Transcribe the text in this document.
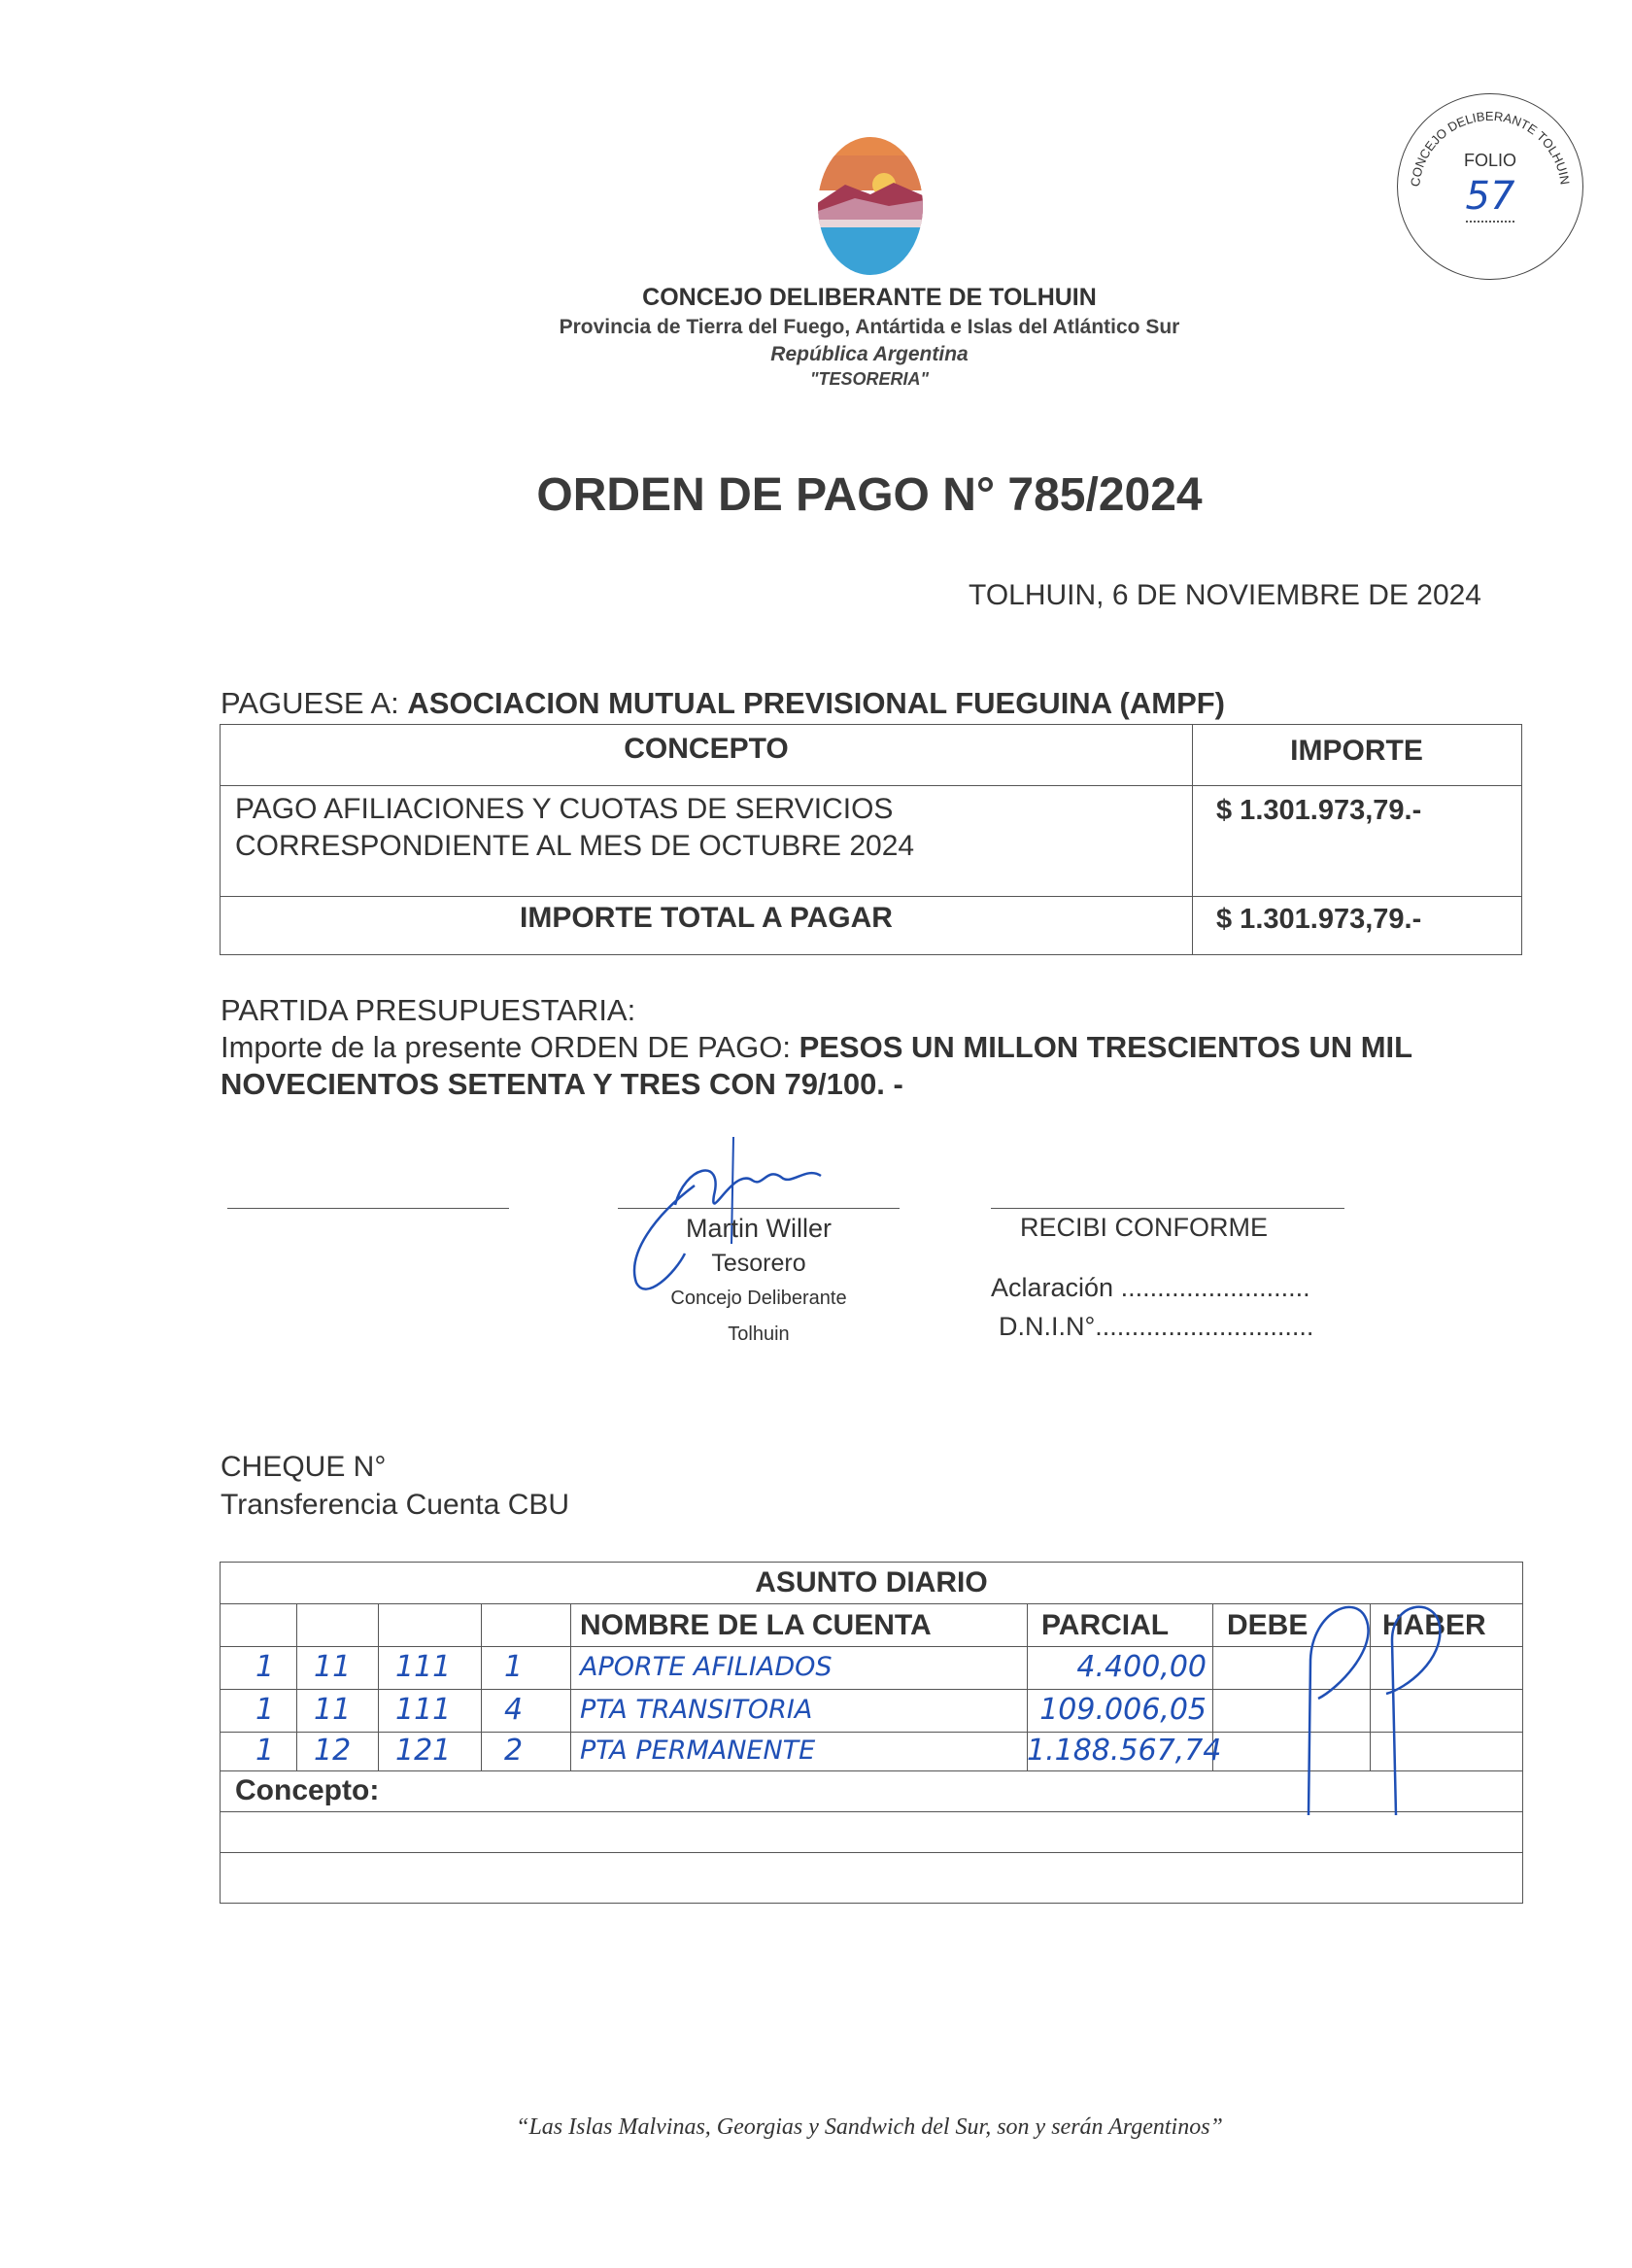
CONCEJO DELIBERANTE TOLHUIN
FOLIO
57
CONCEJO DELIBERANTE DE TOLHUIN
Provincia de Tierra del Fuego, Antártida e Islas del Atlántico Sur
República Argentina
"TESORERIA"
ORDEN DE PAGO N° 785/2024
TOLHUIN, 6 DE NOVIEMBRE DE 2024
PAGUESE A: ASOCIACION MUTUAL PREVISIONAL FUEGUINA (AMPF)
CONCEPTO	IMPORTE
PAGO AFILIACIONES Y CUOTAS DE SERVICIOS
CORRESPONDIENTE AL MES DE OCTUBRE 2024
$ 1.301.973,79.-
IMPORTE TOTAL A PAGAR	$ 1.301.973,79.-
PARTIDA PRESUPUESTARIA:
Importe de la presente ORDEN DE PAGO: PESOS UN MILLON TRESCIENTOS UN MIL NOVECIENTOS SETENTA Y TRES CON 79/100. -
Martin Willer
Tesorero
Concejo Deliberante
Tolhuin
RECIBI CONFORME
Aclaración ..........................
D.N.I.N°..............................
CHEQUE N°
Transferencia Cuenta CBU
ASUNTO DIARIO
NOMBRE DE LA CUENTA	PARCIAL DEBE	HABER
1 11 111 1 APORTE AFILIADOS	4.400,00
1 11 111 4 PTA TRANSITORIA	109.006,05
1 12 121 2 PTA PERMANENTE	1.188.567,74
Concepto:
“Las Islas Malvinas, Georgias y Sandwich del Sur, son y serán Argentinos”
